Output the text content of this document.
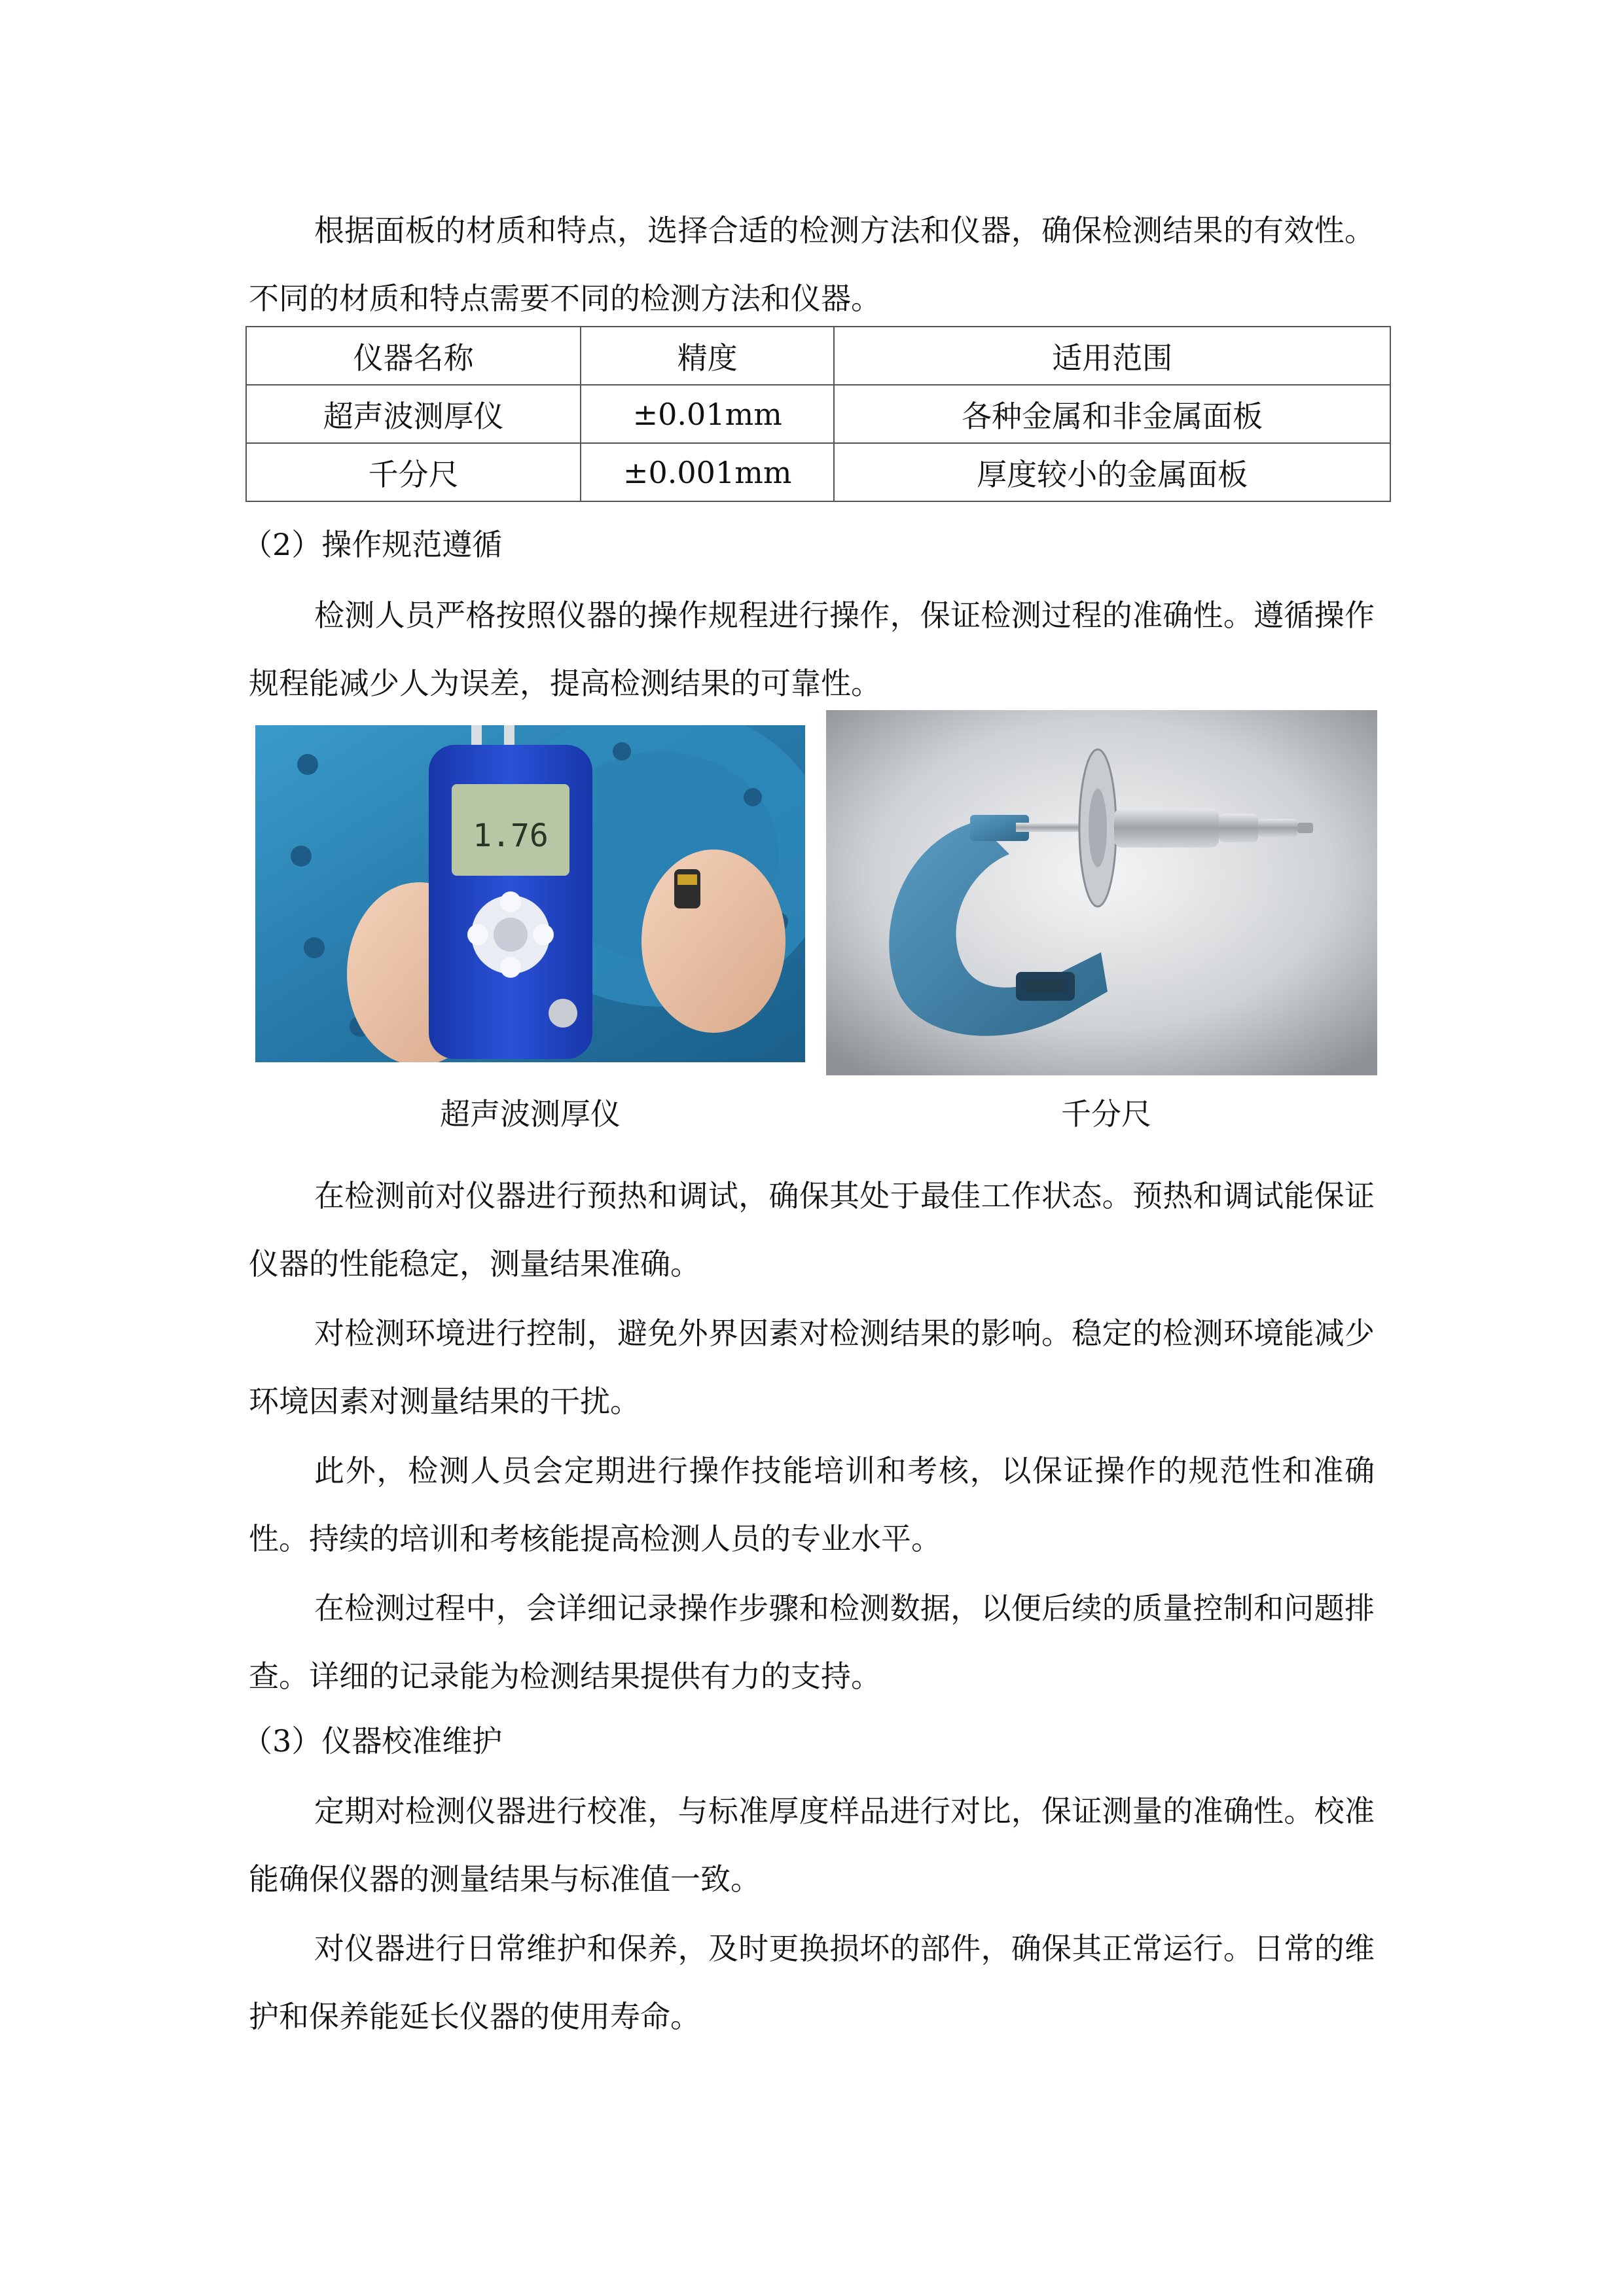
根据面板的材质和特点，选择合适的检测方法和仪器，确保检测结果的有效性。不同的材质和特点需要不同的检测方法和仪器。

仪器名称	精度	适用范围
超声波测厚仪	±0.01mm	各种金属和非金属面板
千分尺	±0.001mm	厚度较小的金属面板

（2）操作规范遵循

检测人员严格按照仪器的操作规程进行操作，保证检测过程的准确性。遵循操作规程能减少人为误差，提高检测结果的可靠性。

1.76
超声波测厚仪	千分尺

在检测前对仪器进行预热和调试，确保其处于最佳工作状态。预热和调试能保证仪器的性能稳定，测量结果准确。

对检测环境进行控制，避免外界因素对检测结果的影响。稳定的检测环境能减少环境因素对测量结果的干扰。

此外，检测人员会定期进行操作技能培训和考核，以保证操作的规范性和准确性。持续的培训和考核能提高检测人员的专业水平。

在检测过程中，会详细记录操作步骤和检测数据，以便后续的质量控制和问题排查。详细的记录能为检测结果提供有力的支持。

（3）仪器校准维护

定期对检测仪器进行校准，与标准厚度样品进行对比，保证测量的准确性。校准能确保仪器的测量结果与标准值一致。

对仪器进行日常维护和保养，及时更换损坏的部件，确保其正常运行。日常的维护和保养能延长仪器的使用寿命。
